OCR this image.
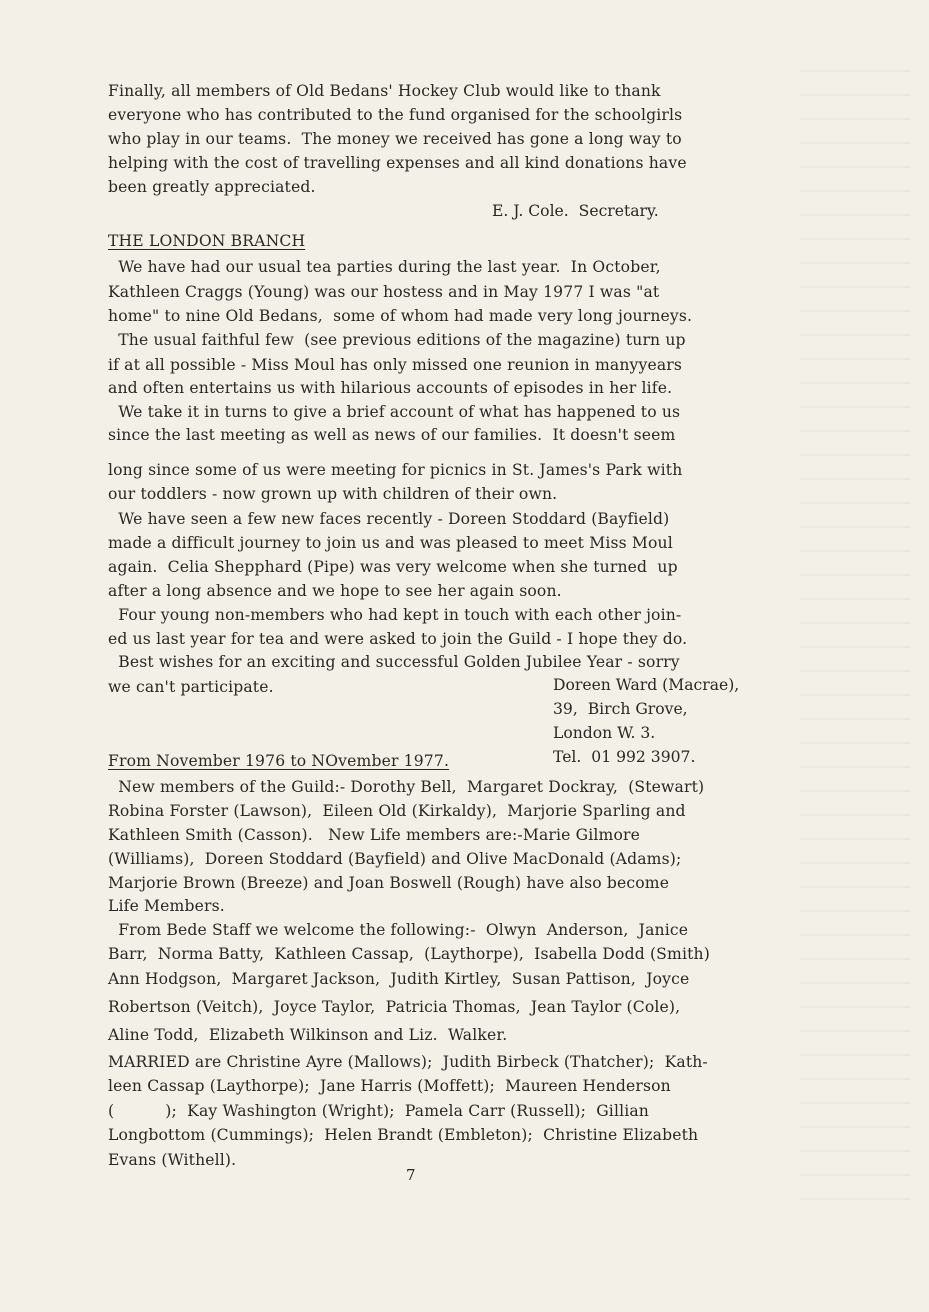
Finally, all members of Old Bedans' Hockey Club would like to thank
everyone who has contributed to the fund organised for the schoolgirls
who play in our teams.  The money we received has gone a long way to
helping with the cost of travelling expenses and all kind donations have
been greatly appreciated.
E. J. Cole.  Secretary.
THE LONDON BRANCH
We have had our usual tea parties during the last year.  In October,
Kathleen Craggs (Young) was our hostess and in May 1977 I was "at
home" to nine Old Bedans,  some of whom had made very long journeys.
The usual faithful few  (see previous editions of the magazine) turn up
if at all possible - Miss Moul has only missed one reunion in manyyears
and often entertains us with hilarious accounts of episodes in her life.
We take it in turns to give a brief account of what has happened to us
since the last meeting as well as news of our families.  It doesn't seem
long since some of us were meeting for picnics in St. James's Park with
our toddlers - now grown up with children of their own.
We have seen a few new faces recently - Doreen Stoddard (Bayfield)
made a difficult journey to join us and was pleased to meet Miss Moul
again.  Celia Shepphard (Pipe) was very welcome when she turned  up
after a long absence and we hope to see her again soon.
Four young non-members who had kept in touch with each other join-
ed us last year for tea and were asked to join the Guild - I hope they do.
Best wishes for an exciting and successful Golden Jubilee Year - sorry
we can't participate.	Doreen Ward (Macrae),
39,  Birch Grove,
London W. 3.
Tel.  01 992 3907.
From November 1976 to NOvember 1977.
New members of the Guild:- Dorothy Bell,  Margaret Dockray,  (Stewart)
Robina Forster (Lawson),  Eileen Old (Kirkaldy),  Marjorie Sparling and
Kathleen Smith (Casson).   New Life members are:-Marie Gilmore
(Williams),  Doreen Stoddard (Bayfield) and Olive MacDonald (Adams);
Marjorie Brown (Breeze) and Joan Boswell (Rough) have also become
Life Members.
From Bede Staff we welcome the following:-  Olwyn  Anderson,  Janice
Barr,  Norma Batty,  Kathleen Cassap,  (Laythorpe),  Isabella Dodd (Smith)
Ann Hodgson,  Margaret Jackson,  Judith Kirtley,  Susan Pattison,  Joyce
Robertson (Veitch),  Joyce Taylor,  Patricia Thomas,  Jean Taylor (Cole),
Aline Todd,  Elizabeth Wilkinson and Liz.  Walker.
MARRIED are Christine Ayre (Mallows);  Judith Birbeck (Thatcher);  Kath-
leen Cassap (Laythorpe);  Jane Harris (Moffett);  Maureen Henderson
(          );  Kay Washington (Wright);  Pamela Carr (Russell);  Gillian
Longbottom (Cummings);  Helen Brandt (Embleton);  Christine Elizabeth
Evans (Withell).
7
